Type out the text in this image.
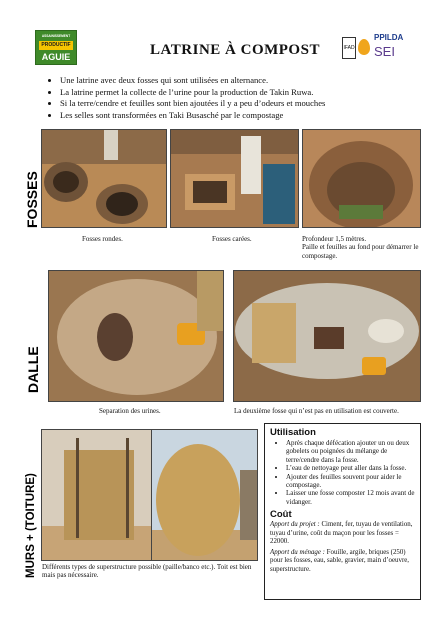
ASSAINISSEMENT
PRODUCTIF
AGUIE	LATRINE À COMPOST	IFAD
PPILDA
SEI
• Une latrine avec deux fosses qui sont utilisées en alternance.
• La latrine permet la collecte de l’urine pour la production de Takin Ruwa.
• Si la terre/cendre et feuilles sont bien ajoutées il y a peu d’odeurs et mouches
• Les selles sont transformées en Taki Busasché par le compostage
FOSSES
DALLE
MURS + (TOITURE)
Fosses rondes.	Fosses carées.	Profondeur 1,5 mètres.
Paille et feuilles au fond pour démarrer le compostage.
Separation des urines.	La deuxième fosse qui n’est pas en utilisation est couverte.
Différents types de superstructure possible (paille/banco etc.). Toit est bien mais pas nécessaire.
Utilisation
• Après chaque défécation ajouter un ou deux gobelets ou poignées du mélange de terre/cendre dans la fosse.
• L’eau de nettoyage peut aller dans la fosse.
• Ajouter des feuilles souvent pour aider le compostage.
• Laisser une fosse composter 12 mois avant de vidanger.
Coût

Apport du projet : Ciment, fer, tuyau de ventilation, tuyau d’urine, coût du maçon pour les fosses = 22000.

Apport du ménage : Fouille, argile, briques (250) pour les fosses, eau, sable, gravier, main d’oeuvre, superstructure.
